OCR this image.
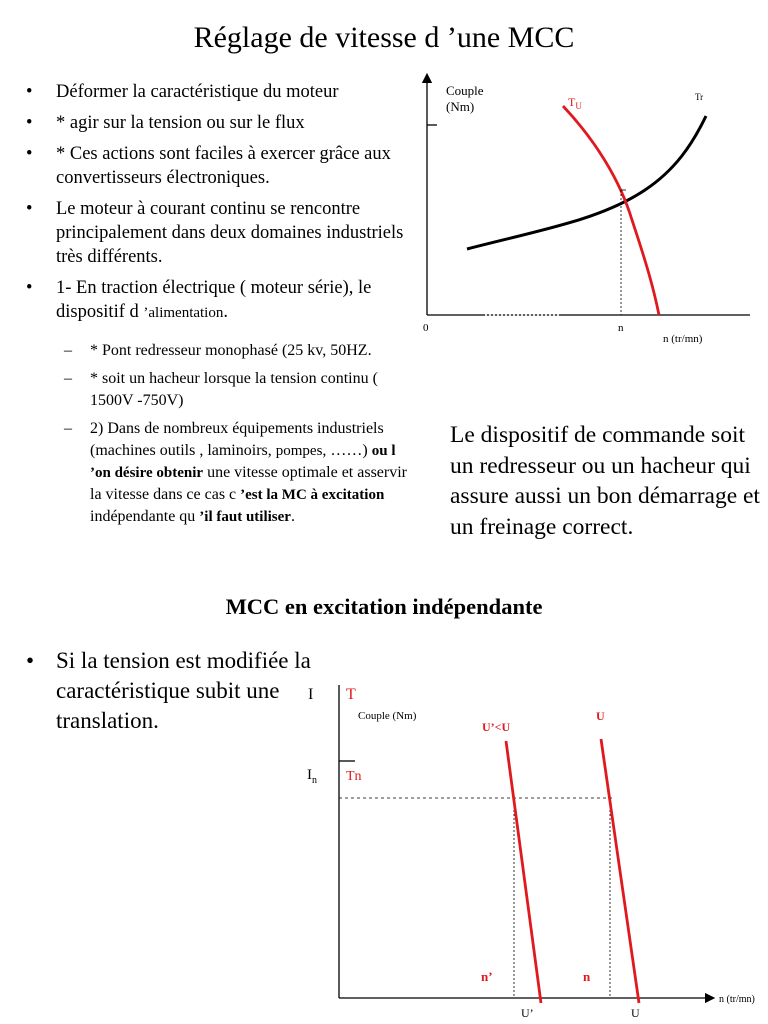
Réglage de vitesse d ’une MCC
• Déformer la caractéristique du moteur
• * agir sur la tension ou sur le flux
• * Ces actions sont faciles à exercer grâce aux convertisseurs électroniques.
• Le moteur à courant continu se rencontre principalement dans deux domaines industriels très différents.
• 1- En traction électrique ( moteur série), le dispositif d ’alimentation.
– * Pont redresseur monophasé (25 kv, 50HZ.
– * soit un hacheur lorsque la tension continu ( 1500V -750V)
– 2) Dans de nombreux équipements industriels (machines outils , laminoirs, pompes, ……) ou l ’on désire obtenir une vitesse optimale et asservir la vitesse dans ce cas c ’est la MC à excitation indépendante qu ’il faut utiliser.
Couple
(Nm)	$T_U$
Tr
0	n
n (tr/mn)
Le dispositif de commande soit un redresseur ou un hacheur qui assure aussi un bon démarrage et un freinage correct.
MCC en excitation indépendante
• Si la tension est modifiée la caractéristique subit une translation.
I T
Couple (Nm)
$I_n$ Tn
U’<U
U
n’	n
n (tr/mn)
U’	U
